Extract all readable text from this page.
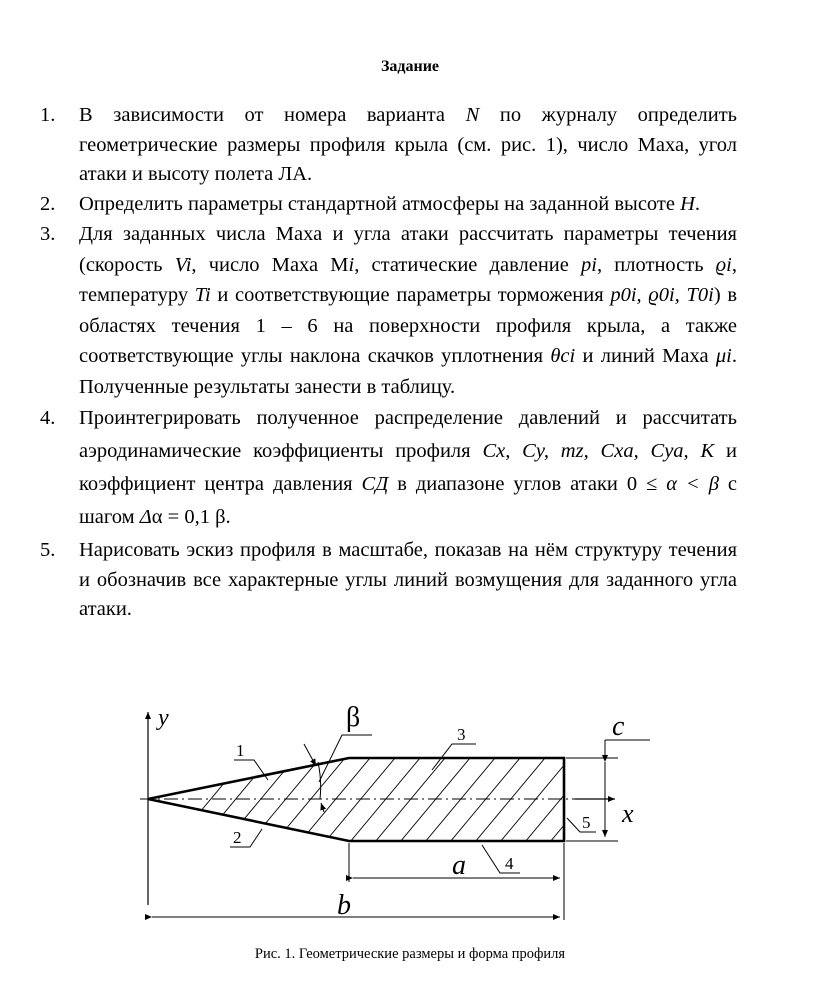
Задание
1. В зависимости от номера варианта N по журналу определить геометрические размеры профиля крыла (см. рис. 1), число Маха, угол атаки и высоту полета ЛА.
2. Определить параметры стандартной атмосферы на заданной высоте H.
3. Для заданных числа Маха и угла атаки рассчитать параметры течения (скорость Vi, число Маха Мi, статические давление pi, плотность ϱi, температуру Ti и соответствующие параметры торможения p0i, ϱ0i, T0i) в областях течения 1 – 6 на поверхности профиля крыла, а также соответствующие углы наклона скачков уплотнения θci и линий Маха μi. Полученные результаты занести в таблицу.
4. Проинтегрировать полученное распределение давлений и рассчитать аэродинамические коэффициенты профиля Cx, Cy, mz, Cxa, Cya, K и коэффициент центра давления CД в диапазоне углов атаки 0 ≤ α < β с шагом Δα = 0,1 β.
5. Нарисовать эскиз профиля в масштабе, показав на нём структуру течения и обозначив все характерные углы линий возмущения для заданного угла атаки.
y
x
β	c
a
b
1
2
3
4
5
Рис. 1. Геометрические размеры и форма профиля
